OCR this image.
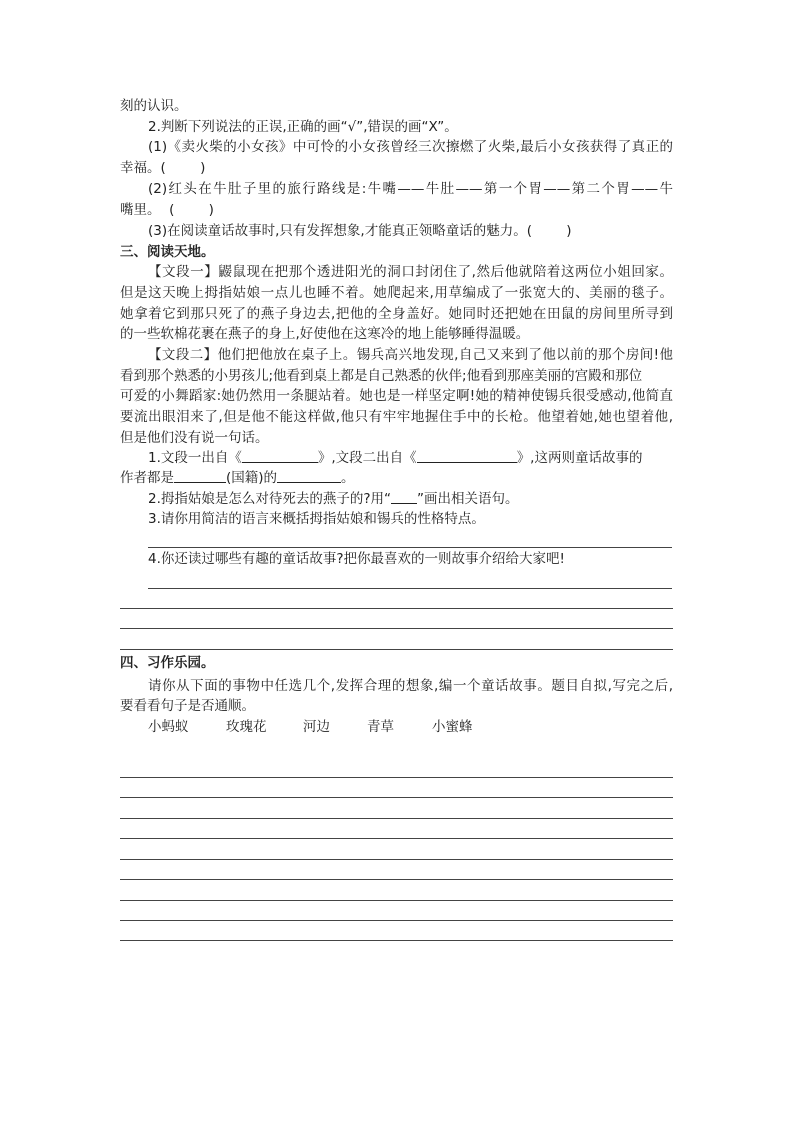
刻的认识。
2.判断下列说法的正误,正确的画“√”,错误的画“X”。
(1)《卖火柴的小女孩》中可怜的小女孩曾经三次擦燃了火柴,最后小女孩获得了真正的
幸福。(        )
(2)红头在牛肚子里的旅行路线是:牛嘴——牛肚——第一个胃——第二个胃——牛
嘴里。  (        )
(3)在阅读童话故事时,只有发挥想象,才能真正领略童话的魅力。(        )
三、阅读天地。
【文段一】鼹鼠现在把那个透进阳光的洞口封闭住了,然后他就陪着这两位小姐回家。
但是这天晚上拇指姑娘一点儿也睡不着。她爬起来,用草编成了一张宽大的、美丽的毯子。
她拿着它到那只死了的燕子身边去,把他的全身盖好。她同时还把她在田鼠的房间里所寻到
的一些软棉花裹在燕子的身上,好使他在这寒冷的地上能够睡得温暖。
【文段二】他们把他放在桌子上。锡兵高兴地发现,自己又来到了他以前的那个房间!他
看到那个熟悉的小男孩儿;他看到桌上都是自己熟悉的伙伴;他看到那座美丽的宫殿和那位
可爱的小舞蹈家:她仍然用一条腿站着。她也是一样坚定啊!她的精神使锡兵很受感动,他简直
要流出眼泪来了,但是他不能这样做,他只有牢牢地握住手中的长枪。他望着她,她也望着他,
但是他们没有说一句话。
1.文段一出自《	》,文段二出自《	》,这两则童话故事的
作者都是	(国籍)的	。
2.拇指姑娘是怎么对待死去的燕子的?用“ ”画出相关语句。
3.请你用简洁的语言来概括拇指姑娘和锡兵的性格特点。
4.你还读过哪些有趣的童话故事?把你最喜欢的一则故事介绍给大家吧!
四、习作乐园。
请你从下面的事物中任选几个,发挥合理的想象,编一个童话故事。题目自拟,写完之后,
要看看句子是否通顺。
小蚂蚁	玫瑰花	河边	青草	小蜜蜂
